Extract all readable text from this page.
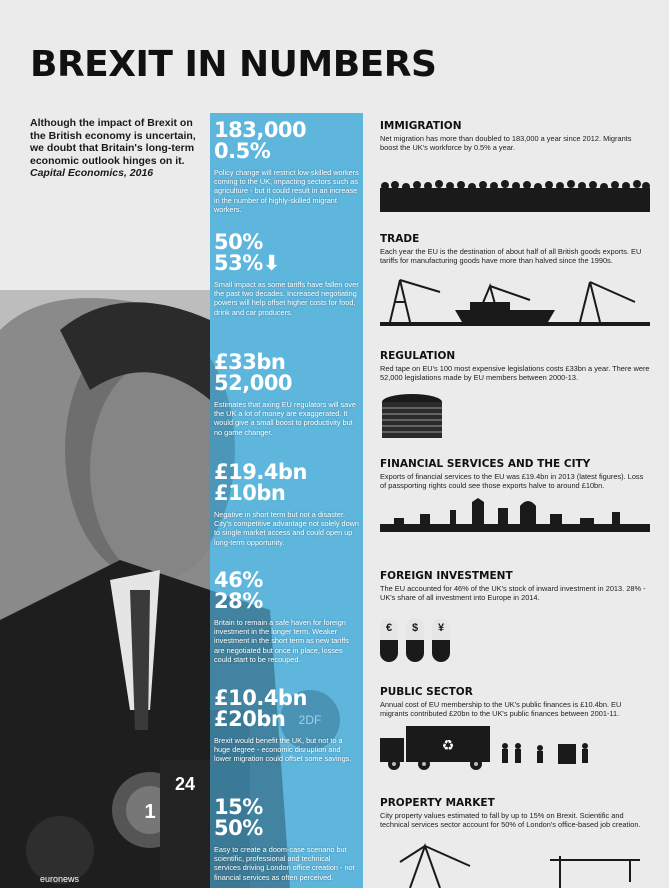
BREXIT IN NUMBERS
Although the impact of Brexit on the British economy is uncertain, we doubt that Britain's long-term economic outlook hinges on it.
Capital Economics, 2016
24
1
euronews
2DF
183,000
0.5%
Policy change will restrict low-skilled workers coming to the UK, impacting sectors such as agriculture - but it could result in an increase in the number of highly-skilled migrant workers.
50%
53%⬇
Small impact as some tariffs have fallen over the past two decades. Increased negotiating powers will help offset higher costs for food, drink and car producers.
£33bn
52,000
Estimates that axing EU regulators will save the UK a lot of money are exaggerated. It would give a small boost to productivity but no game changer.
£19.4bn
£10bn
Negative in short term but not a disaster. City's competitive advantage not solely down to single market access and could open up long-term opportunity.
46%
28%
Britain to remain a safe haven for foreign investment in the longer term. Weaker investment in the short term as new tariffs are negotiated but once in place, losses could start to be recouped.
£10.4bn
£20bn
Brexit would benefit the UK, but not to a huge degree - economic disruption and lower migration could offset some savings.
15%
50%
Easy to create a doom-case scenario but scientific, professional and technical services driving London office creation - not financial services as often perceived.
IMMIGRATION

Net migration has more than doubled to 183,000 a year since 2012. Migrants boost the UK's workforce by 0.5% a year.

TRADE

Each year the EU is the destination of about half of all British goods exports. EU tariffs for manufacturing goods have more than halved since the 1990s.

REGULATION

Red tape on EU's 100 most expensive legislations costs £33bn a year. There were 52,000 legislations made by EU members between 2000-13.

FINANCIAL SERVICES AND THE CITY

Exports of financial services to the EU was £19.4bn in 2013 (latest figures). Loss of passporting rights could see those exports halve to around £10bn.

FOREIGN INVESTMENT

The EU accounted for 46% of the UK's stock of inward investment in 2013. 28% - UK's share of all investment into Europe in 2014.

€	$	¥
PUBLIC SECTOR

Annual cost of EU membership to the UK's public finances is £10.4bn. EU migrants contributed £20bn to the UK's public finances between 2001-11.

♻
PROPERTY MARKET

City property values estimated to fall by up to 15% on Brexit. Scientific and technical services sector account for 50% of London's office-based job creation.
